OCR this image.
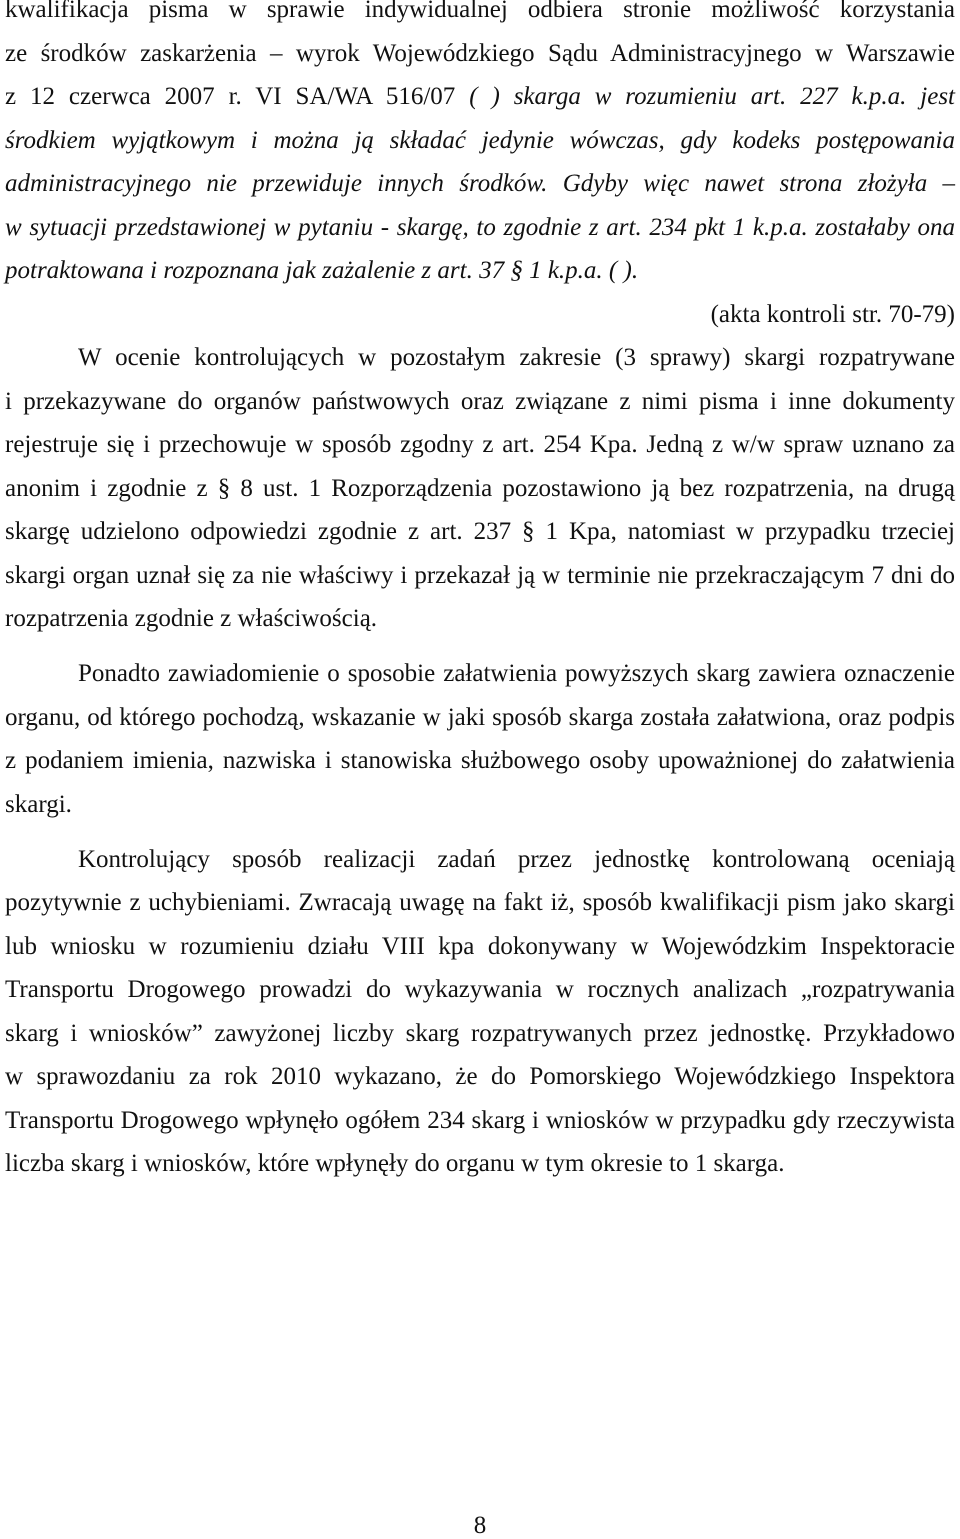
kwalifikacja pisma w sprawie indywidualnej odbiera stronie możliwość korzystania
ze środków zaskarżenia – wyrok Wojewódzkiego Sądu Administracyjnego w Warszawie
z 12 czerwca 2007 r. VI SA/WA 516/07 ( ) skarga w rozumieniu art. 227 k.p.a. jest
środkiem wyjątkowym i można ją składać jedynie wówczas, gdy kodeks postępowania
administracyjnego nie przewiduje innych środków. Gdyby więc nawet strona złożyła –
w sytuacji przedstawionej w pytaniu - skargę, to zgodnie z art. 234 pkt 1 k.p.a. zostałaby ona
potraktowana i rozpoznana jak zażalenie z art. 37 § 1 k.p.a. ( ).
(akta kontroli str. 70-79)
W ocenie kontrolujących w pozostałym zakresie (3 sprawy) skargi rozpatrywane
i przekazywane do organów państwowych oraz związane z nimi pisma i inne dokumenty
rejestruje się i przechowuje w sposób zgodny z art. 254 Kpa. Jedną z w/w spraw uznano za
anonim i zgodnie z § 8 ust. 1 Rozporządzenia pozostawiono ją bez rozpatrzenia, na drugą
skargę udzielono odpowiedzi zgodnie z art. 237 § 1 Kpa, natomiast w przypadku trzeciej
skargi organ uznał się za nie właściwy i przekazał ją w terminie nie przekraczającym 7 dni do
rozpatrzenia zgodnie z właściwością.
Ponadto zawiadomienie o sposobie załatwienia powyższych skarg zawiera oznaczenie
organu, od którego pochodzą, wskazanie w jaki sposób skarga została załatwiona, oraz podpis
z podaniem imienia, nazwiska i stanowiska służbowego osoby upoważnionej do załatwienia
skargi.
Kontrolujący sposób realizacji zadań przez jednostkę kontrolowaną oceniają
pozytywnie z uchybieniami. Zwracają uwagę na fakt iż, sposób kwalifikacji pism jako skargi
lub wniosku w rozumieniu działu VIII kpa dokonywany w Wojewódzkim Inspektoracie
Transportu Drogowego prowadzi do wykazywania w rocznych analizach „rozpatrywania
skarg i wniosków” zawyżonej liczby skarg rozpatrywanych przez jednostkę. Przykładowo
w sprawozdaniu za rok 2010 wykazano, że do Pomorskiego Wojewódzkiego Inspektora
Transportu Drogowego wpłynęło ogółem 234 skarg i wniosków w przypadku gdy rzeczywista
liczba skarg i wniosków, które wpłynęły do organu w tym okresie to 1 skarga.
8
